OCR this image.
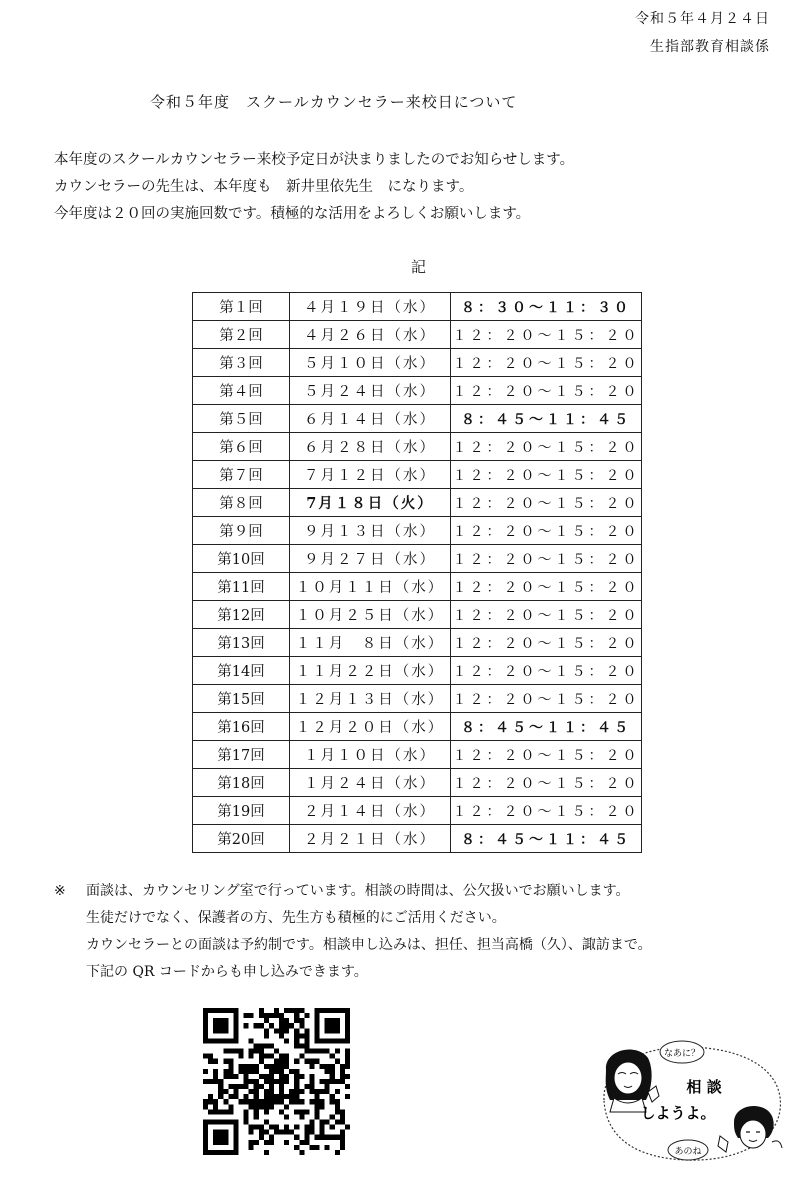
令和５年４月２４日
生指部教育相談係
令和５年度　スクールカウンセラー来校日について
本年度のスクールカウンセラー来校予定日が決まりましたのでお知らせします。
カウンセラーの先生は、本年度も　新井里依先生　になります。
今年度は２０回の実施回数です。積極的な活用をよろしくお願いします。
記
第１回	４月１９日（水）	８：３０～１１：３０
第２回	４月２６日（水）	１２：２０～１５：２０
第３回	５月１０日（水）	１２：２０～１５：２０
第４回	５月２４日（水）	１２：２０～１５：２０
第５回	６月１４日（水）	８：４５～１１：４５
第６回	６月２８日（水）	１２：２０～１５：２０
第７回	７月１２日（水）	１２：２０～１５：２０
第８回	7月１８日（火）	１２：２０～１５：２０
第９回	９月１３日（水）	１２：２０～１５：２０
第10回	９月２７日（水）	１２：２０～１５：２０
第11回	１０月１１日（水）	１２：２０～１５：２０
第12回	１０月２５日（水）	１２：２０～１５：２０
第13回	１１月　８日（水）	１２：２０～１５：２０
第14回	１１月２２日（水）	１２：２０～１５：２０
第15回	１２月１３日（水）	１２：２０～１５：２０
第16回	１２月２０日（水）	８：４５～１１：４５
第17回	１月１０日（水）	１２：２０～１５：２０
第18回	１月２４日（水）	１２：２０～１５：２０
第19回	２月１４日（水）	１２：２０～１５：２０
第20回	２月２１日（水）	８：４５～１１：４５
※ 面談は、カウンセリング室で行っています。相談の時間は、公欠扱いでお願いします。
生徒だけでなく、保護者の方、先生方も積極的にご活用ください。
カウンセラーとの面談は予約制です。相談申し込みは、担任、担当高橋（久）、諏訪まで。
下記の QR コードからも申し込みできます。
なあに？
相 談
しようよ。
あのね
